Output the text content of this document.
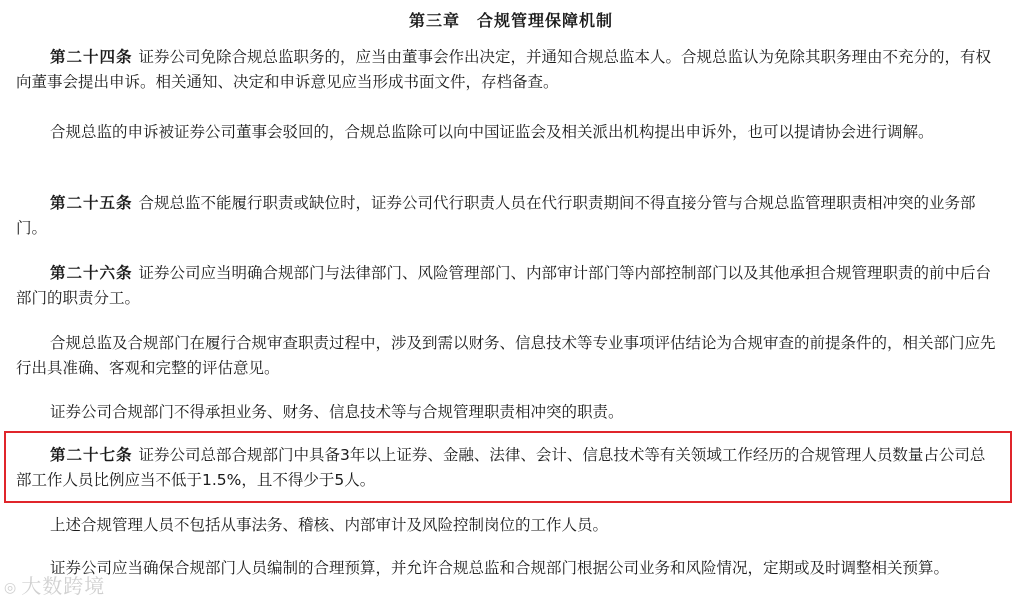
第三章　合规管理保障机制

第二十四条 证券公司免除合规总监职务的，应当由董事会作出决定，并通知合规总监本人。合规总监认为免除其职务理由不充分的，有权向董事会提出申诉。相关通知、决定和申诉意见应当形成书面文件，存档备查。

合规总监的申诉被证券公司董事会驳回的，合规总监除可以向中国证监会及相关派出机构提出申诉外，也可以提请协会进行调解。

第二十五条 合规总监不能履行职责或缺位时，证券公司代行职责人员在代行职责期间不得直接分管与合规总监管理职责相冲突的业务部门。

第二十六条 证券公司应当明确合规部门与法律部门、风险管理部门、内部审计部门等内部控制部门以及其他承担合规管理职责的前中后台部门的职责分工。

合规总监及合规部门在履行合规审查职责过程中，涉及到需以财务、信息技术等专业事项评估结论为合规审查的前提条件的，相关部门应先行出具准确、客观和完整的评估意见。

证券公司合规部门不得承担业务、财务、信息技术等与合规管理职责相冲突的职责。

第二十七条 证券公司总部合规部门中具备3年以上证券、金融、法律、会计、信息技术等有关领域工作经历的合规管理人员数量占公司总部工作人员比例应当不低于1.5%，且不得少于5人。

上述合规管理人员不包括从事法务、稽核、内部审计及风险控制岗位的工作人员。

证券公司应当确保合规部门人员编制的合理预算，并允许合规总监和合规部门根据公司业务和风险情况，定期或及时调整相关预算。

◎ 大数跨境
